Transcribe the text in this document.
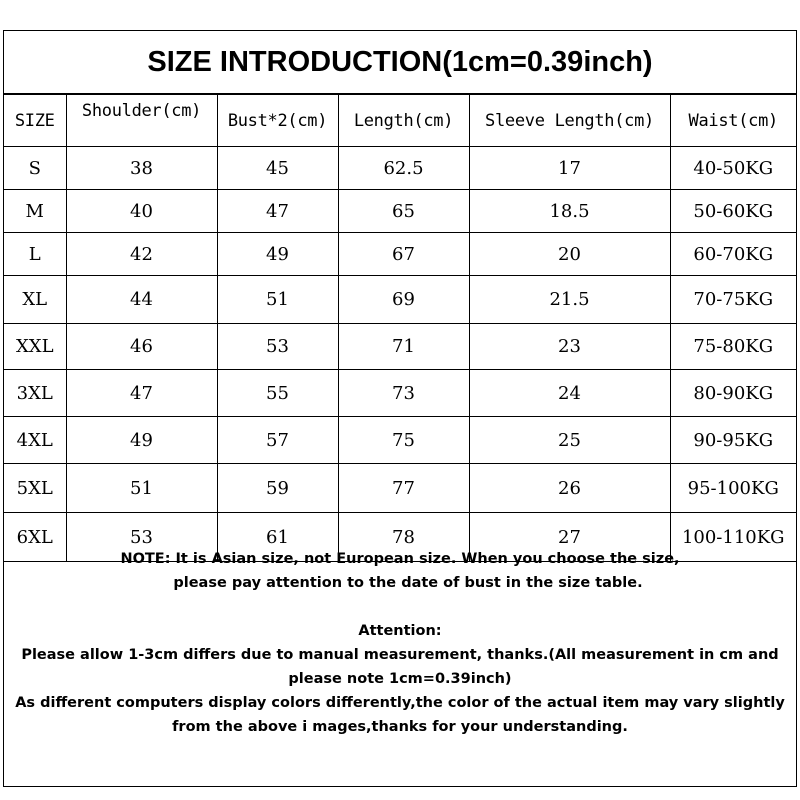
SIZE INTRODUCTION(1cm=0.39inch)
SIZE	Shoulder(cm)	Bust*2(cm)	Length(cm)	Sleeve Length(cm)	Waist(cm)
S	38	45	62.5	17	40-50KG
M	40	47	65	18.5	50-60KG
L	42	49	67	20	60-70KG
XL	44	51	69	21.5	70-75KG
XXL	46	53	71	23	75-80KG
3XL	47	55	73	24	80-90KG
4XL	49	57	75	25	90-95KG
5XL	51	59	77	26	95-100KG
6XL	53	61	78	27	100-110KG

NOTE: It is Asian size, not European size. When you choose the size,

please pay attention to the date of bust in the size table.

Attention:

Please allow 1-3cm differs due to manual measurement, thanks.(All measurement in cm and

please note 1cm=0.39inch)

As different computers display colors differently,the color of the actual item may vary slightly

from the above i mages,thanks for your understanding.
